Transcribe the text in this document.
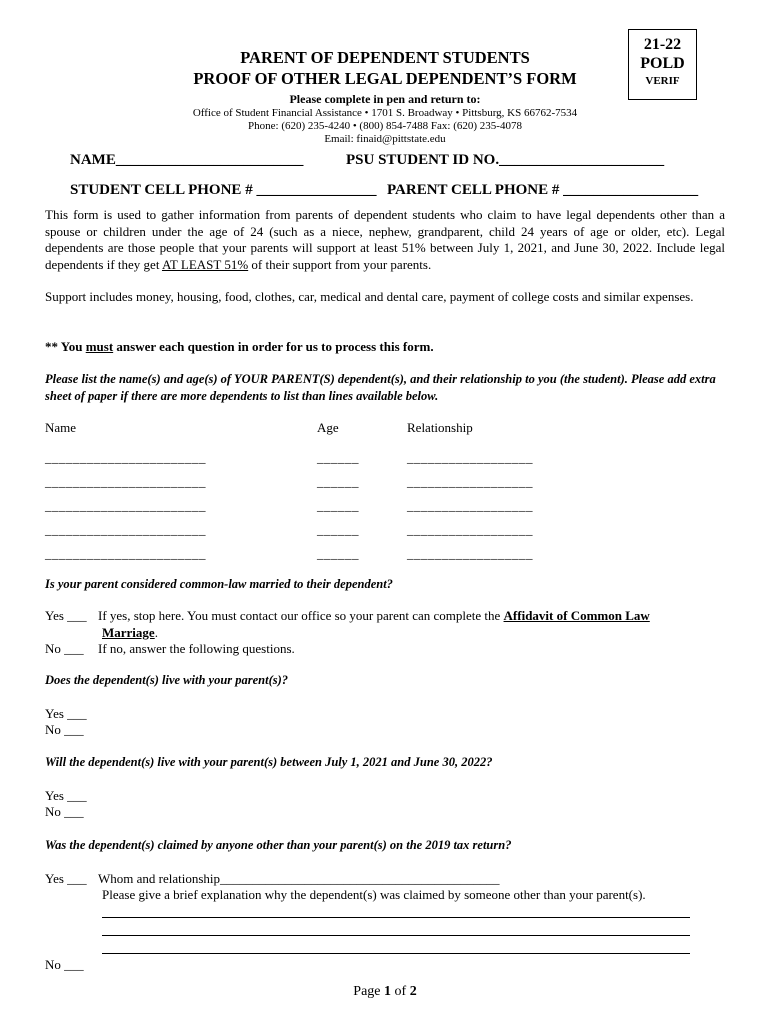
PARENT OF DEPENDENT STUDENTS
PROOF OF OTHER LEGAL DEPENDENT’S FORM
Please complete in pen and return to:
Office of Student Financial Assistance • 1701 S. Broadway • Pittsburg, KS 66762-7534
Phone: (620) 235-4240 • (800) 854-7488 Fax: (620) 235-4078
Email: finaid@pittstate.edu
21-22
POLD
VERIF
NAME_________________________	PSU STUDENT ID NO.______________________
STUDENT CELL PHONE # ________________ PARENT CELL PHONE # __________________
This form is used to gather information from parents of dependent students who claim to have legal dependents other than a spouse or children under the age of 24 (such as a niece, nephew, grandparent, child 24 years of age or older, etc). Legal dependents are those people that your parents will support at least 51% between July 1, 2021, and June 30, 2022. Include legal dependents if they get AT LEAST 51% of their support from your parents.
Support includes money, housing, food, clothes, car, medical and dental care, payment of college costs and similar expenses.
** You must answer each question in order for us to process this form.
Please list the name(s) and age(s) of YOUR PARENT(S) dependent(s), and their relationship to you (the student). Please add extra sheet of paper if there are more dependents to list than lines available below.
Name	Age	Relationship
_______________________	______	__________________
_______________________	______	__________________
_______________________	______	__________________
_______________________	______	__________________
_______________________	______	__________________
Is your parent considered common-law married to their dependent?
Yes ___ If yes, stop here. You must contact our office so your parent can complete the Affidavit of Common Law
Marriage.
No ___ If no, answer the following questions.
Does the dependent(s) live with your parent(s)?
Yes ___
No ___
Will the dependent(s) live with your parent(s) between July 1, 2021 and June 30, 2022?
Yes ___
No ___
Was the dependent(s) claimed by anyone other than your parent(s) on the 2019 tax return?
Yes ___ Whom and relationship___________________________________________
Please give a brief explanation why the dependent(s) was claimed by someone other than your parent(s).
No ___
Page 1 of 2
